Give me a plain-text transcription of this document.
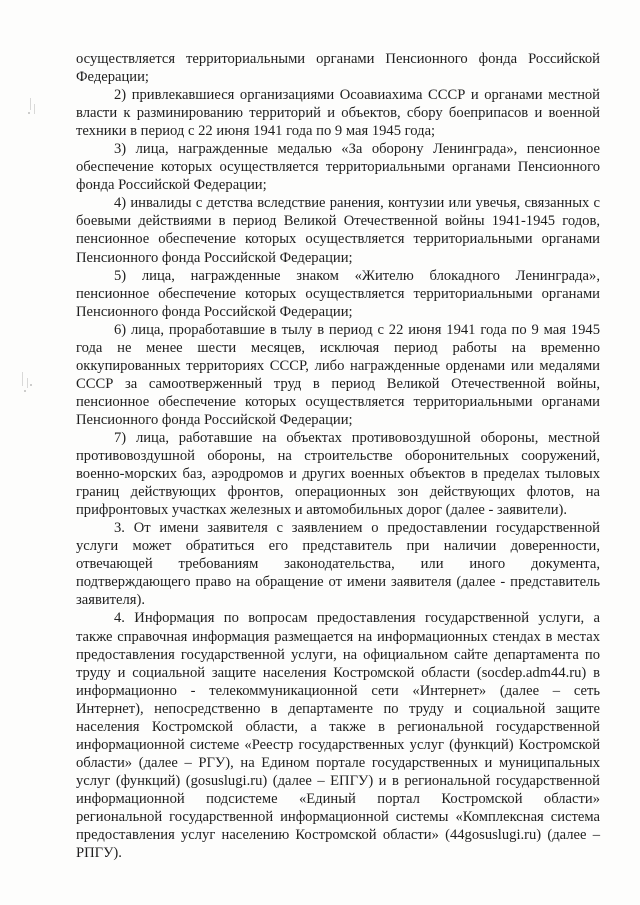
осуществляется территориальными органами Пенсионного фонда Российской Федерации;

2) привлекавшиеся организациями Осоавиахима СССР и органами местной власти к разминированию территорий и объектов, сбору боеприпасов и военной техники в период с 22 июня 1941 года по 9 мая 1945 года;

3) лица, награжденные медалью «За оборону Ленинграда», пенсионное обеспечение которых осуществляется территориальными органами Пенсионного фонда Российской Федерации;

4) инвалиды с детства вследствие ранения, контузии или увечья, связанных с боевыми действиями в период Великой Отечественной войны 1941-1945 годов, пенсионное обеспечение которых осуществляется территориальными органами Пенсионного фонда Российской Федерации;

5) лица, награжденные знаком «Жителю блокадного Ленинграда», пенсионное обеспечение которых осуществляется территориальными органами Пенсионного фонда Российской Федерации;

6) лица, проработавшие в тылу в период с 22 июня 1941 года по 9 мая 1945 года не менее шести месяцев, исключая период работы на временно оккупированных территориях СССР, либо награжденные орденами или медалями СССР за самоотверженный труд в период Великой Отечественной войны, пенсионное обеспечение которых осуществляется территориальными органами Пенсионного фонда Российской Федерации;

7) лица, работавшие на объектах противовоздушной обороны, местной противовоздушной обороны, на строительстве оборонительных сооружений, военно-морских баз, аэродромов и других военных объектов в пределах тыловых границ действующих фронтов, операционных зон действующих флотов, на прифронтовых участках железных и автомобильных дорог (далее - заявители).

3. От имени заявителя с заявлением о предоставлении государственной услуги может обратиться его представитель при наличии доверенности, отвечающей требованиям законодательства, или иного документа, подтверждающего право на обращение от имени заявителя (далее - представитель заявителя).

4. Информация по вопросам предоставления государственной услуги, а также справочная информация размещается на информационных стендах в местах предоставления государственной услуги, на официальном сайте департамента по труду и социальной защите населения Костромской области (socdep.adm44.ru) в информационно - телекоммуникационной сети «Интернет» (далее – сеть Интернет), непосредственно в департаменте по труду и социальной защите населения Костромской области, а также в региональной государственной информационной системе «Реестр государственных услуг (функций) Костромской области» (далее – РГУ), на Едином портале государственных и муниципальных услуг (функций) (gosuslugi.ru) (далее – ЕПГУ) и в региональной государственной информационной подсистеме «Единый портал Костромской области» региональной государственной информационной системы «Комплексная система предоставления услуг населению Костромской области» (44gosuslugi.ru) (далее – РПГУ).
